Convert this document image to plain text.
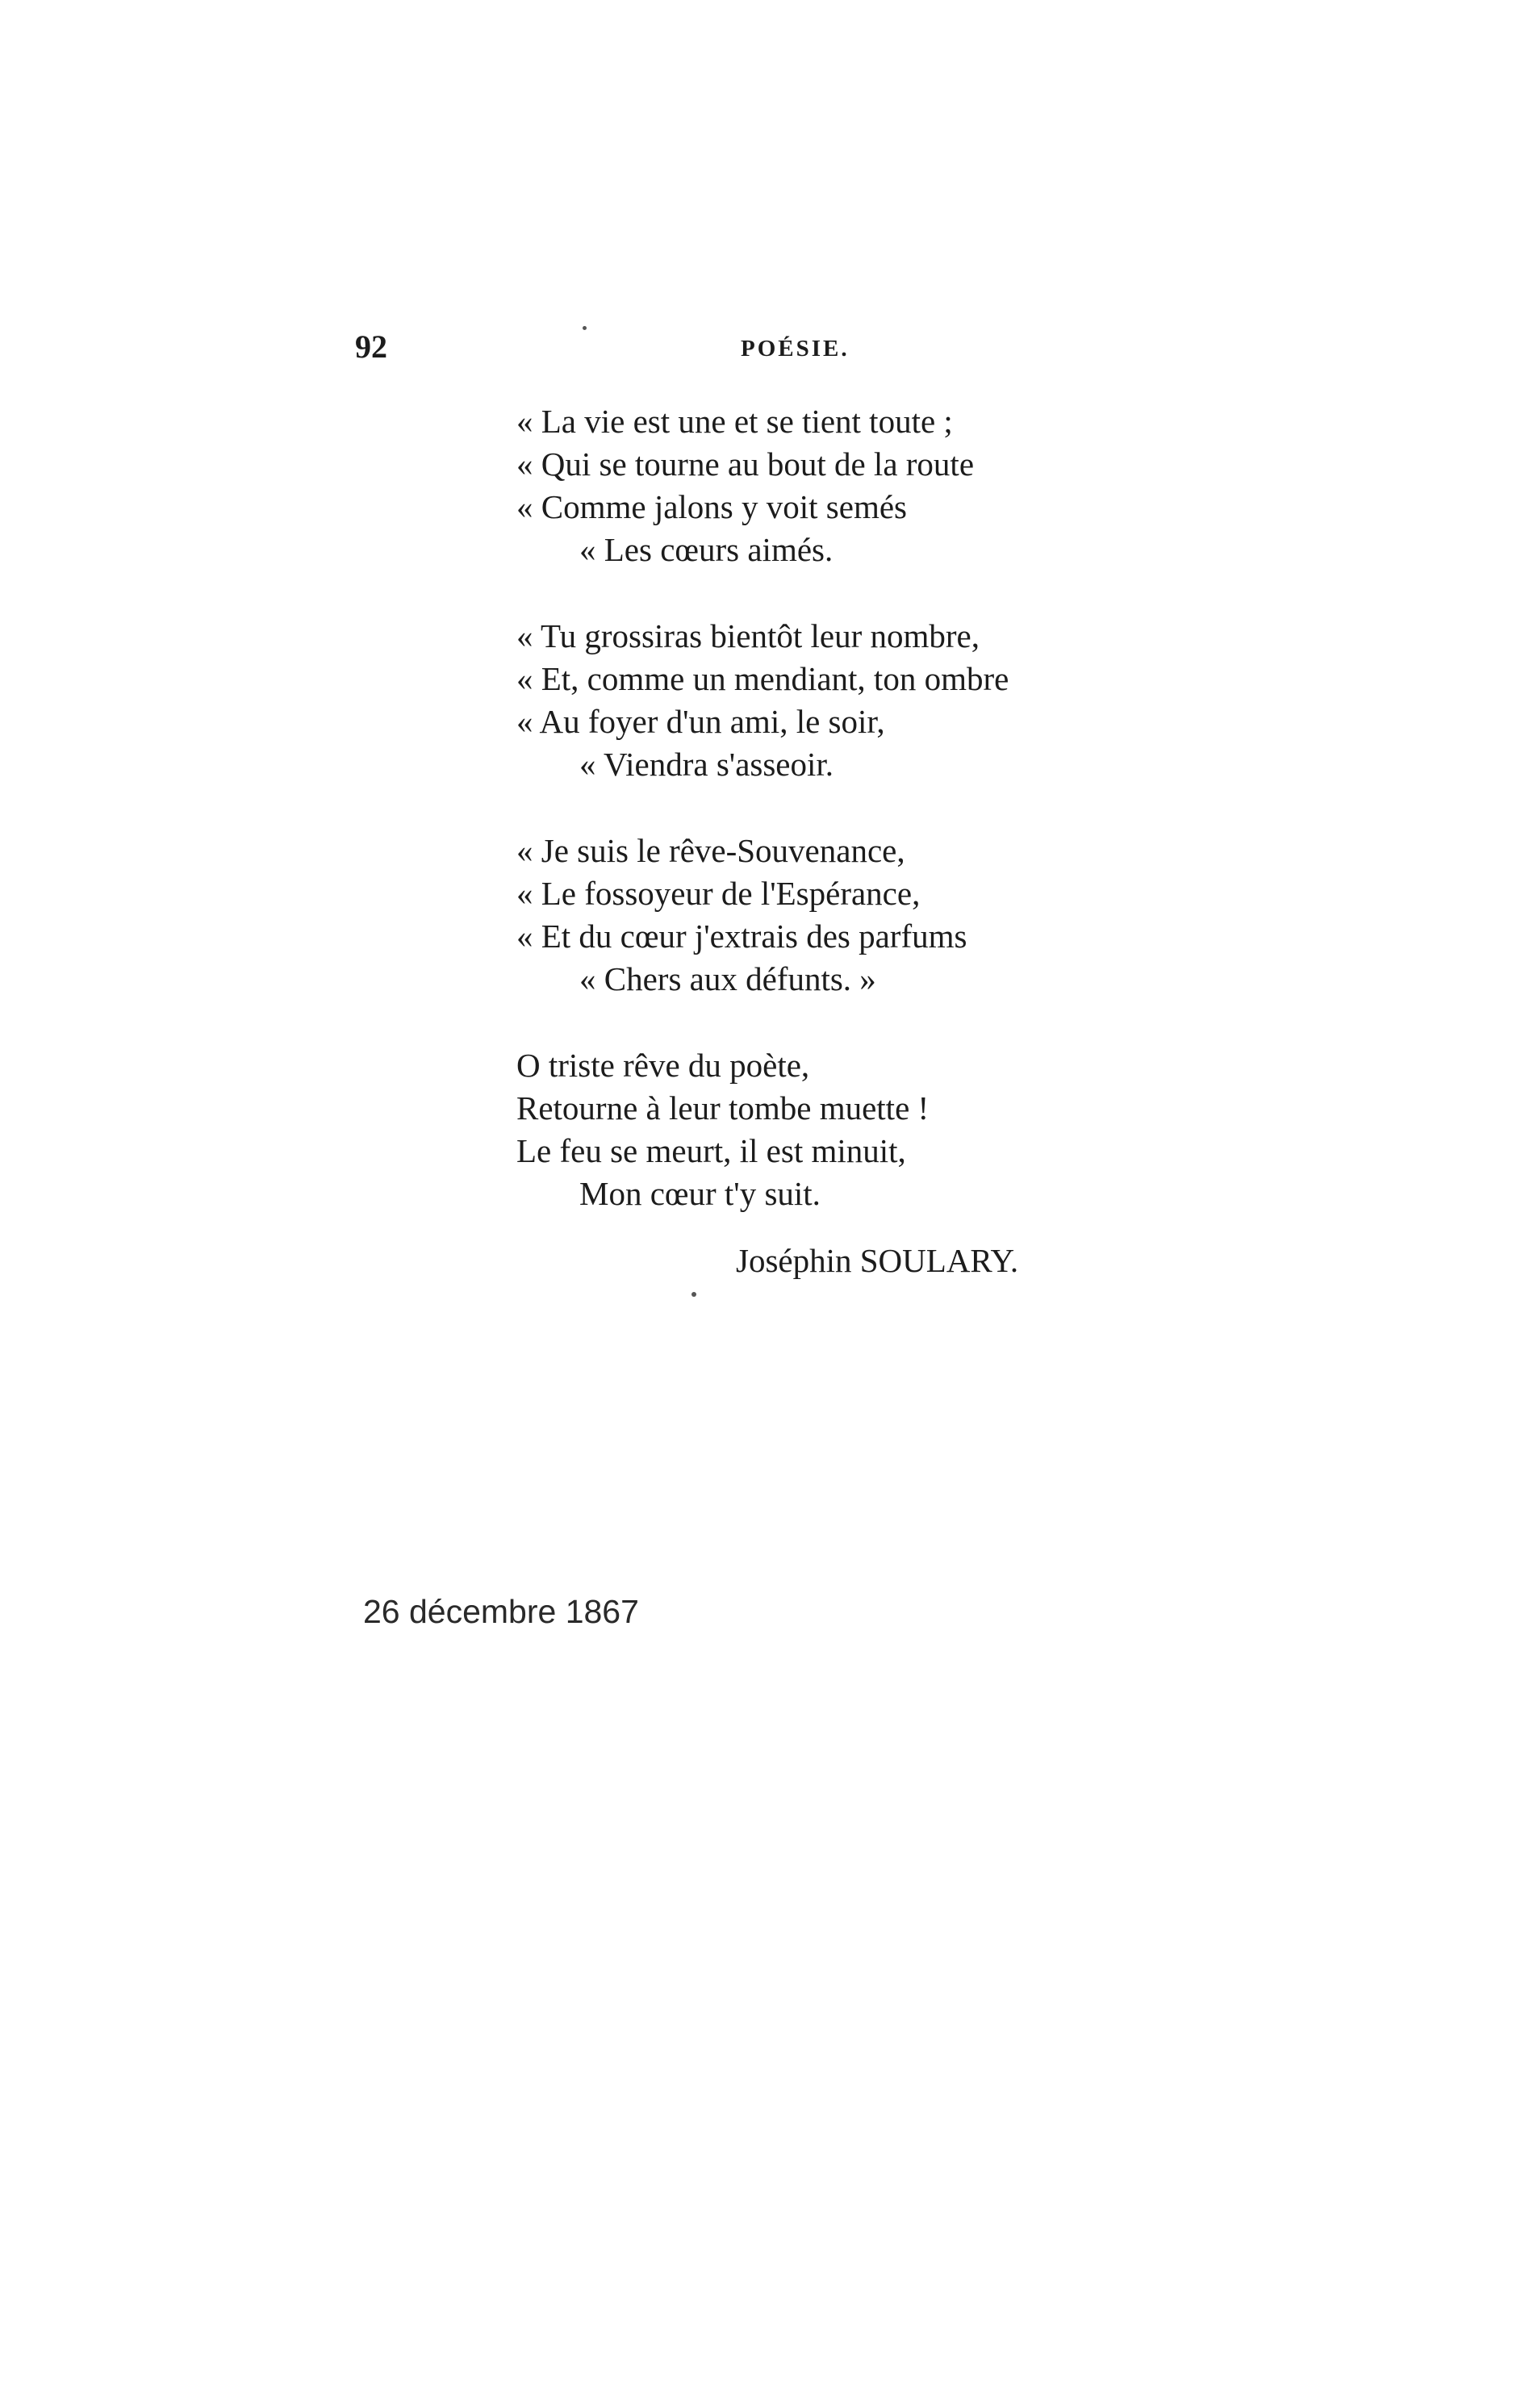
92	POÉSIE.
« La vie est une et se tient toute ;
« Qui se tourne au bout de la route
« Comme jalons y voit semés
« Les cœurs aimés.
« Tu grossiras bientôt leur nombre,
« Et, comme un mendiant, ton ombre
« Au foyer d'un ami, le soir,
« Viendra s'asseoir.
« Je suis le rêve-Souvenance,
« Le fossoyeur de l'Espérance,
« Et du cœur j'extrais des parfums
« Chers aux défunts. »
O triste rêve du poète,
Retourne à leur tombe muette !
Le feu se meurt, il est minuit,
Mon cœur t'y suit.
Joséphin SOULARY.
26 décembre 1867
